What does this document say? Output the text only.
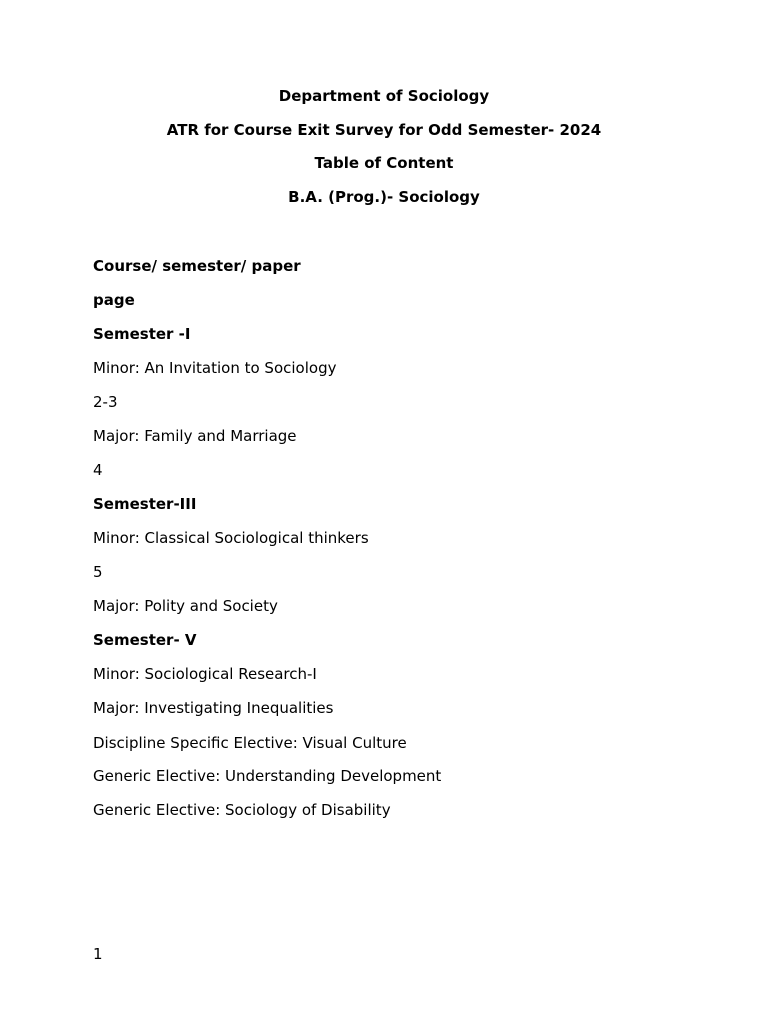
Department of Sociology
ATR for Course Exit Survey for Odd Semester- 2024
Table of Content
B.A. (Prog.)- Sociology
Course/ semester/ paper
page
Semester -I
Minor: An Invitation to Sociology
2-3
Major: Family and Marriage
4
Semester-III
Minor: Classical Sociological thinkers
5
Major: Polity and Society
Semester- V
Minor: Sociological Research-I
Major: Investigating Inequalities
Discipline Specific Elective: Visual Culture
Generic Elective: Understanding Development
Generic Elective: Sociology of Disability
1
